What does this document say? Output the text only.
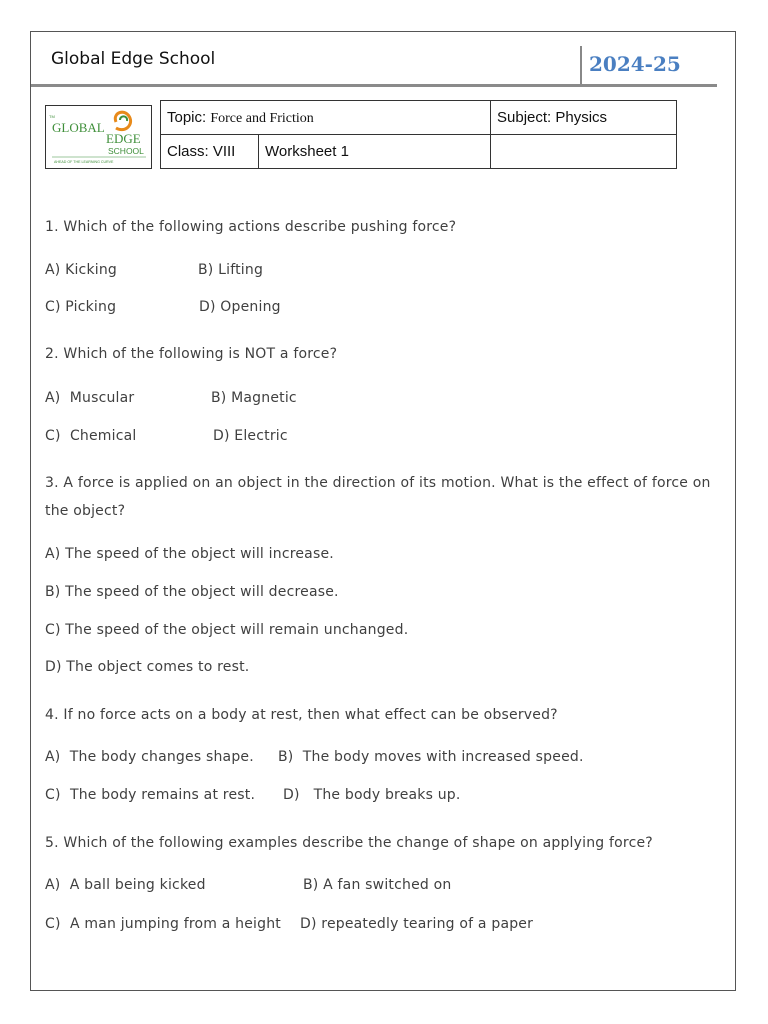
Global Edge School	2024-25
TM
GLOBAL
EDGE
SCHOOL
AHEAD OF THE LEARNING CURVE
Topic: Force and Friction		Subject: Physics
Class: VIII	Worksheet 1	
1. Which of the following actions describe pushing force?
A) Kicking	B) Lifting
C) Picking	D) Opening
2. Which of the following is NOT a force?
A)  Muscular	B) Magnetic
C)  Chemical	D) Electric
3. A force is applied on an object in the direction of its motion. What is the effect of force on
the object?
A) The speed of the object will increase.
B) The speed of the object will decrease.
C) The speed of the object will remain unchanged.
D) The object comes to rest.
4. If no force acts on a body at rest, then what effect can be observed?
A)  The body changes shape. B)  The body moves with increased speed.
C)  The body remains at rest. D)   The body breaks up.
5. Which of the following examples describe the change of shape on applying force?
A)  A ball being kicked	B) A fan switched on
C)  A man jumping from a height D) repeatedly tearing of a paper
